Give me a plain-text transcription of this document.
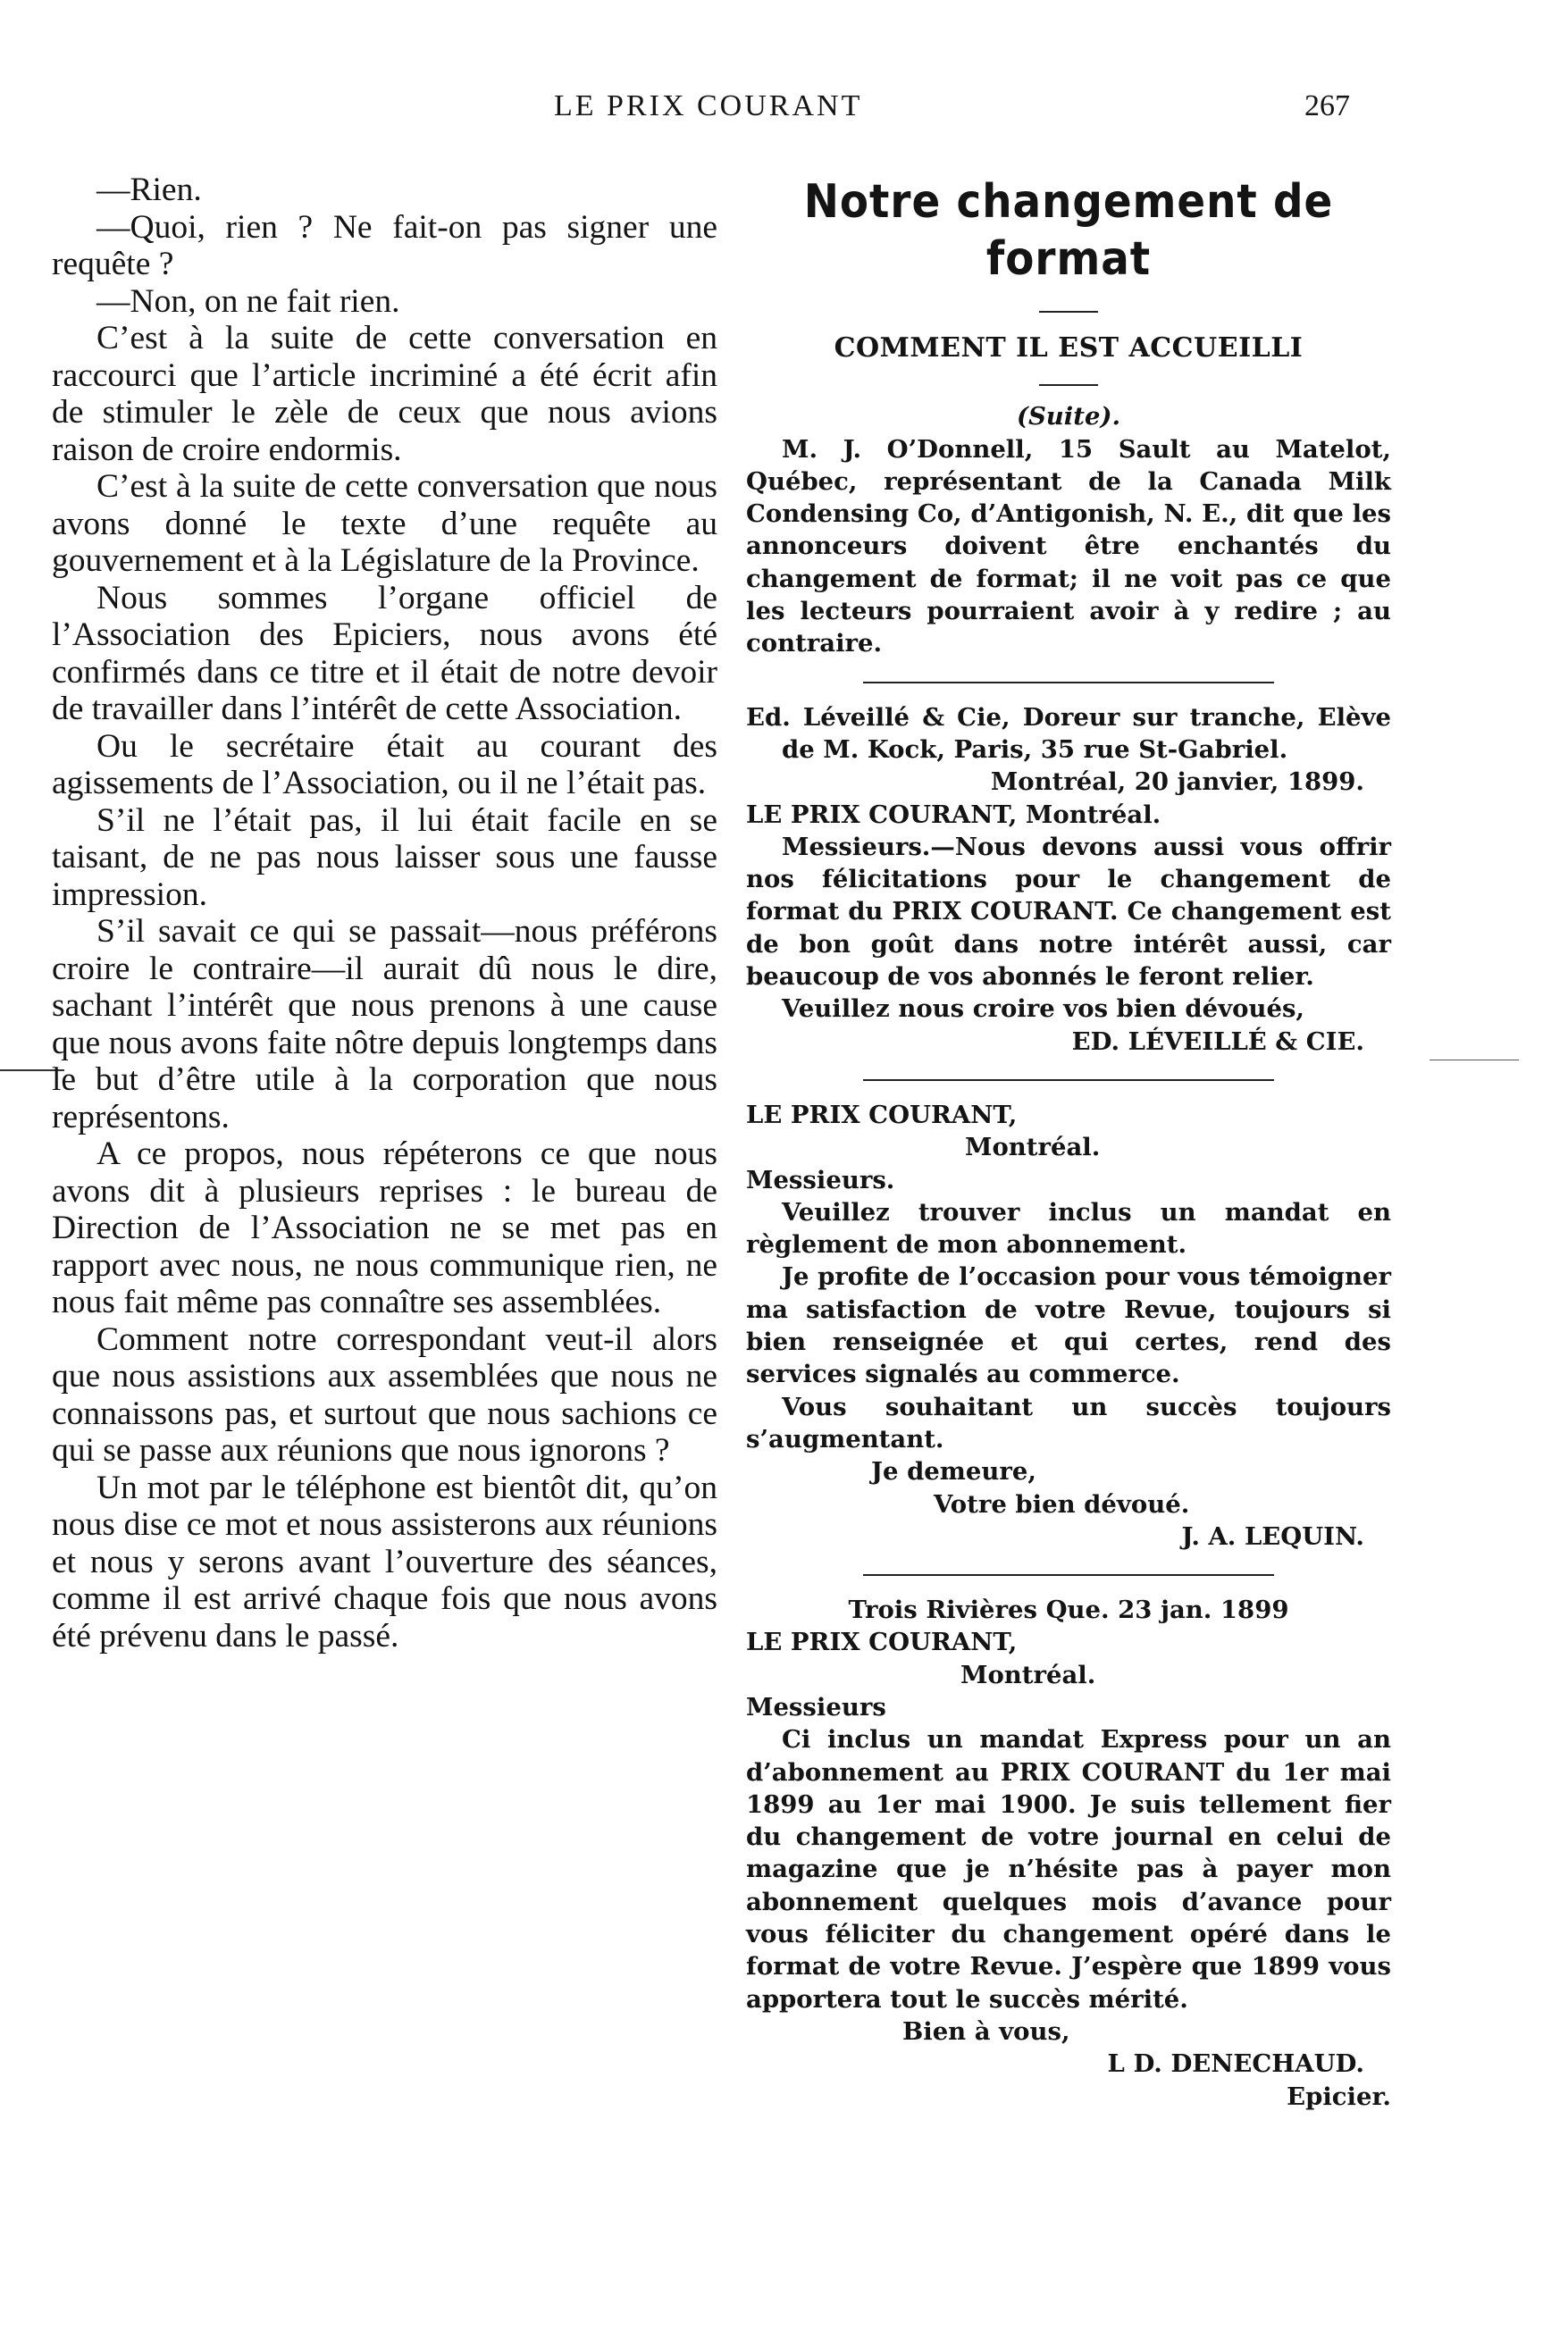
LE PRIX COURANT	267

—Rien.

—Quoi, rien ? Ne fait-on pas signer une requête ?

—Non, on ne fait rien.

C’est à la suite de cette conversation en raccourci que l’article incriminé a été écrit afin de stimuler le zèle de ceux que nous avions raison de croire endormis.

C’est à la suite de cette conversation que nous avons donné le texte d’une requête au gouvernement et à la Législature de la Province.

Nous sommes l’organe officiel de l’Association des Epiciers, nous avons été confirmés dans ce titre et il était de notre devoir de travailler dans l’intérêt de cette Association.

Ou le secrétaire était au courant des agissements de l’Association, ou il ne l’était pas.

S’il ne l’était pas, il lui était facile en se taisant, de ne pas nous laisser sous une fausse impression.

S’il savait ce qui se passait—nous préférons croire le contraire—il aurait dû nous le dire, sachant l’intérêt que nous prenons à une cause que nous avons faite nôtre depuis longtemps dans le but d’être utile à la corporation que nous représentons.

A ce propos, nous répéterons ce que nous avons dit à plusieurs reprises : le bureau de Direction de l’Association ne se met pas en rapport avec nous, ne nous communique rien, ne nous fait même pas connaître ses assemblées.

Comment notre correspondant veut-il alors que nous assistions aux assemblées que nous ne connaissons pas, et surtout que nous sachions ce qui se passe aux réunions que nous ignorons ?

Un mot par le téléphone est bientôt dit, qu’on nous dise ce mot et nous assisterons aux réunions et nous y serons avant l’ouverture des séances, comme il est arrivé chaque fois que nous avons été prévenu dans le passé.

Notre changement de format

COMMENT IL EST ACCUEILLI

(Suite).

M. J. O’Donnell, 15 Sault au Matelot, Québec, représentant de la Canada Milk Condensing Co, d’Antigonish, N. E., dit que les annonceurs doivent être enchantés du changement de format; il ne voit pas ce que les lecteurs pourraient avoir à y redire ; au contraire.

Ed. Léveillé & Cie, Doreur sur tranche, Elève de M. Kock, Paris, 35 rue St-Gabriel.

Montréal, 20 janvier, 1899.

LE PRIX COURANT, Montréal.

Messieurs.—Nous devons aussi vous offrir nos félicitations pour le changement de format du PRIX COURANT. Ce changement est de bon goût dans notre intérêt aussi, car beaucoup de vos abonnés le feront relier.

Veuillez nous croire vos bien dévoués,

ED. LÉVEILLÉ & CIE.

LE PRIX COURANT,

Montréal.

Messieurs.

Veuillez trouver inclus un mandat en règlement de mon abonnement.

Je profite de l’occasion pour vous témoigner ma satisfaction de votre Revue, toujours si bien renseignée et qui certes, rend des services signalés au commerce.

Vous souhaitant un succès toujours s’augmentant.

Je demeure,

Votre bien dévoué.

J. A. LEQUIN.

Trois Rivières Que. 23 jan. 1899

LE PRIX COURANT,

Montréal.

Messieurs

Ci inclus un mandat Express pour un an d’abonnement au PRIX COURANT du 1er mai 1899 au 1er mai 1900. Je suis tellement fier du changement de votre journal en celui de magazine que je n’hésite pas à payer mon abonnement quelques mois d’avance pour vous féliciter du changement opéré dans le format de votre Revue. J’espère que 1899 vous apportera tout le succès mérité.

Bien à vous,

L D. DENECHAUD.

Epicier.
